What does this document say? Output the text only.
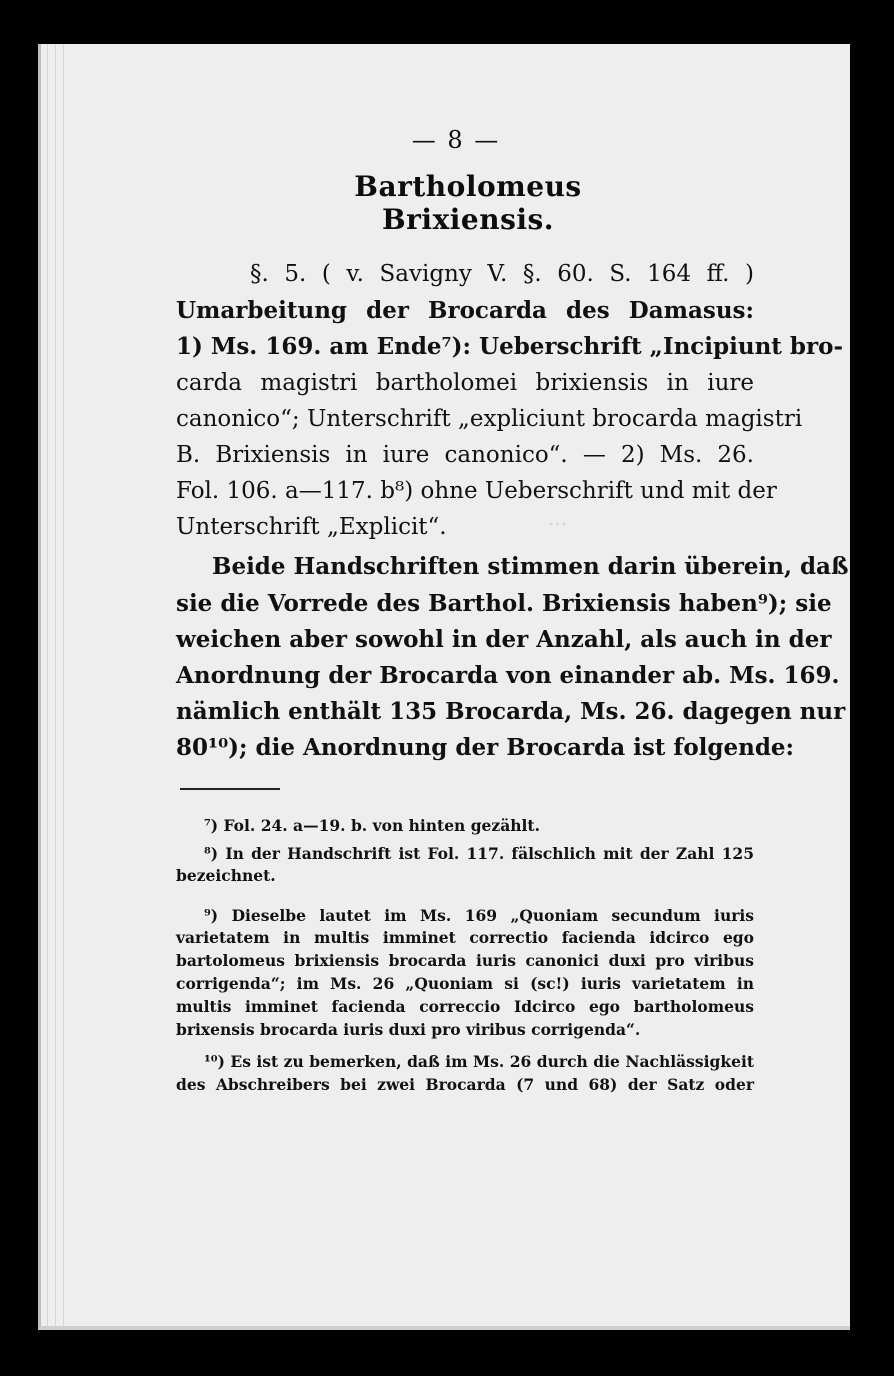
···
— 8 —
Bartholomeus Brixiensis.
§. 5. ( v. Savigny V. §. 60. S. 164 ff. )
Umarbeitung der Brocarda des Damasus:
1) Ms. 169. am Ende⁷): Ueberschrift „Incipiunt bro-
carda magistri bartholomei brixiensis in iure
canonico“; Unterschrift „expliciunt brocarda magistri
B. Brixiensis in iure canonico“. — 2) Ms. 26.
Fol. 106. a—117. b⁸) ohne Ueberschrift und mit der
Unterschrift „Explicit“.
Beide Handschriften stimmen darin überein, daß
sie die Vorrede des Barthol. Brixiensis haben⁹); sie
weichen aber sowohl in der Anzahl, als auch in der
Anordnung der Brocarda von einander ab. Ms. 169.
nämlich enthält 135 Brocarda, Ms. 26. dagegen nur
80¹⁰); die Anordnung der Brocarda ist folgende:
⁷) Fol. 24. a—19. b. von hinten gezählt.
⁸) In der Handschrift ist Fol. 117. fälschlich mit der Zahl 125
bezeichnet.
⁹) Dieselbe lautet im Ms. 169 „Quoniam secundum iuris
varietatem in multis imminet correctio facienda idcirco ego
bartolomeus brixiensis brocarda iuris canonici duxi pro viribus
corrigenda“; im Ms. 26 „Quoniam si (sc!) iuris varietatem in
multis imminet facienda correccio Idcirco ego bartholomeus
brixensis brocarda iuris duxi pro viribus corrigenda“.
¹⁰) Es ist zu bemerken, daß im Ms. 26 durch die Nachlässigkeit
des Abschreibers bei zwei Brocarda (7 und 68) der Satz oder
